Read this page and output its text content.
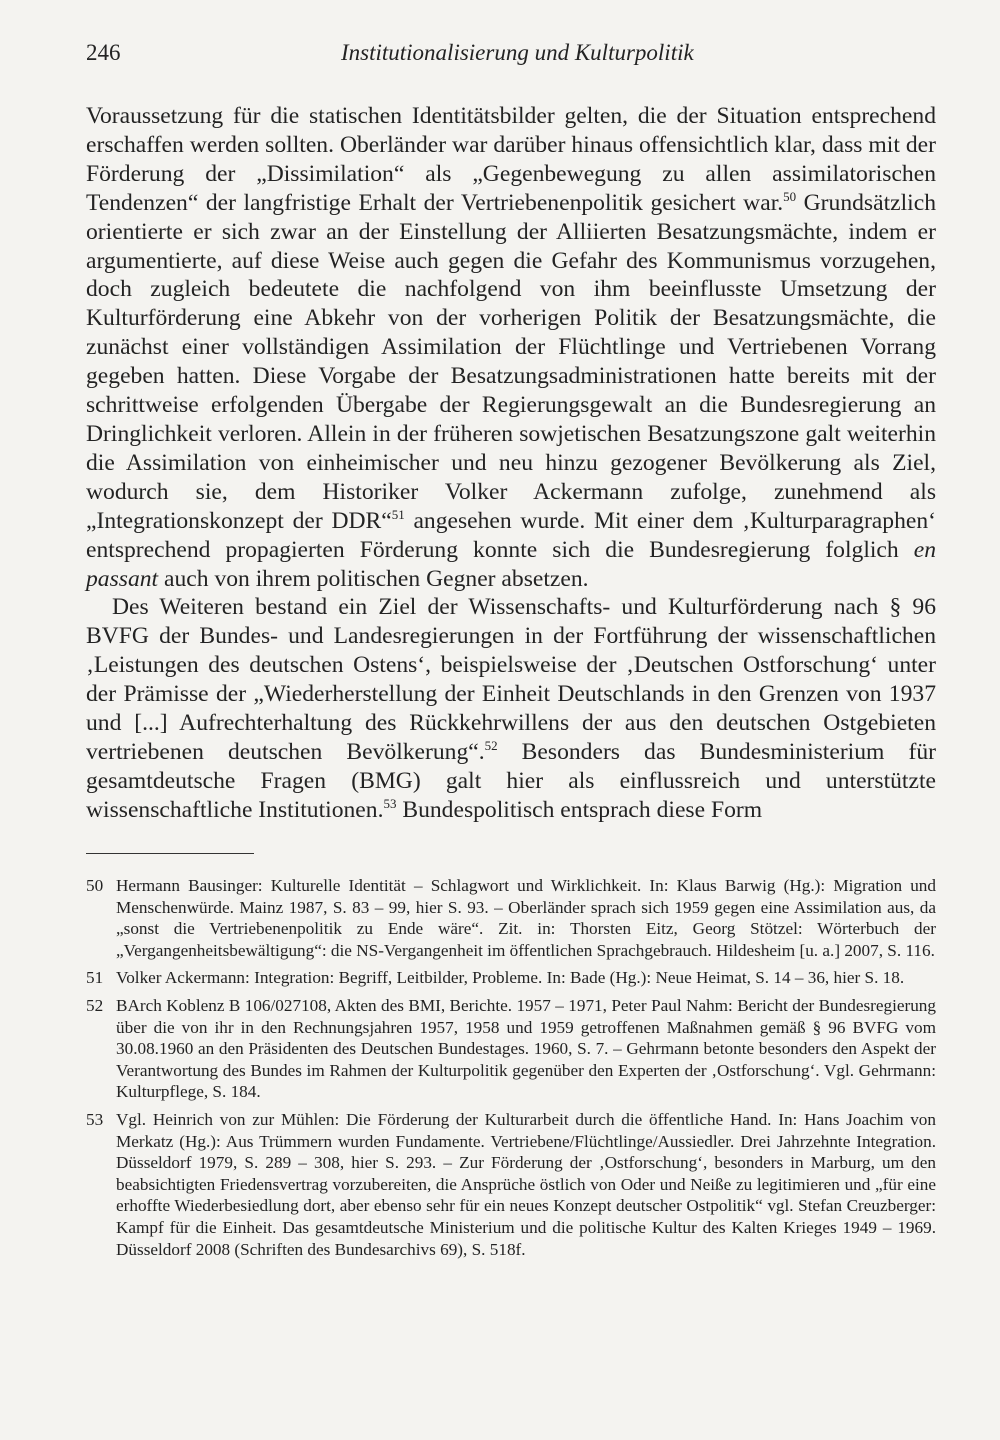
246	Institutionalisierung und Kulturpolitik

Voraussetzung für die statischen Identitätsbilder gelten, die der Situation entsprechend erschaffen werden sollten. Oberländer war darüber hinaus offensichtlich klar, dass mit der Förderung der „Dissimilation“ als „Gegenbewegung zu allen assimilatorischen Tendenzen“ der langfristige Erhalt der Vertriebenenpolitik gesichert war.$^{50}$ Grundsätzlich orientierte er sich zwar an der Einstellung der Alliierten Besatzungsmächte, indem er argumentierte, auf diese Weise auch gegen die Gefahr des Kommunismus vorzugehen, doch zugleich bedeutete die nachfolgend von ihm beeinflusste Umsetzung der Kulturförderung eine Abkehr von der vorherigen Politik der Besatzungsmächte, die zunächst einer vollständigen Assimilation der Flüchtlinge und Vertriebenen Vorrang gegeben hatten. Diese Vorgabe der Besatzungsadministrationen hatte bereits mit der schrittweise erfolgenden Übergabe der Regierungsgewalt an die Bundesregierung an Dringlichkeit verloren. Allein in der früheren sowjetischen Besatzungszone galt weiterhin die Assimilation von einheimischer und neu hinzu gezogener Bevölkerung als Ziel, wodurch sie, dem Historiker Volker Ackermann zufolge, zunehmend als „Integrationskonzept der DDR“$^{51}$ angesehen wurde. Mit einer dem ‚Kulturparagraphen‘ entsprechend propagierten Förderung konnte sich die Bundesregierung folglich en passant auch von ihrem politischen Gegner absetzen.

Des Weiteren bestand ein Ziel der Wissenschafts- und Kulturförderung nach § 96 BVFG der Bundes- und Landesregierungen in der Fortführung der wissenschaftlichen ‚Leistungen des deutschen Ostens‘, beispielsweise der ‚Deutschen Ostforschung‘ unter der Prämisse der „Wiederherstellung der Einheit Deutschlands in den Grenzen von 1937 und [...] Aufrechterhaltung des Rückkehrwillens der aus den deutschen Ostgebieten vertriebenen deutschen Bevölkerung“.$^{52}$ Besonders das Bundesministerium für gesamtdeutsche Fragen (BMG) galt hier als einflussreich und unterstützte wissenschaftliche Institutionen.$^{53}$ Bundespolitisch entsprach diese Form

50 Hermann Bausinger: Kulturelle Identität – Schlagwort und Wirklichkeit. In: Klaus Barwig (Hg.): Migration und Menschenwürde. Mainz 1987, S. 83 – 99, hier S. 93. – Oberländer sprach sich 1959 gegen eine Assimilation aus, da „sonst die Vertriebenenpolitik zu Ende wäre“. Zit. in: Thorsten Eitz, Georg Stötzel: Wörterbuch der „Vergangenheitsbewältigung“: die NS-Vergangenheit im öffentlichen Sprachgebrauch. Hildesheim [u. a.] 2007, S. 116.
51 Volker Ackermann: Integration: Begriff, Leitbilder, Probleme. In: Bade (Hg.): Neue Heimat, S. 14 – 36, hier S. 18.
52 BArch Koblenz B 106/027108, Akten des BMI, Berichte. 1957 – 1971, Peter Paul Nahm: Bericht der Bundesregierung über die von ihr in den Rechnungsjahren 1957, 1958 und 1959 getroffenen Maßnahmen gemäß § 96 BVFG vom 30.08.1960 an den Präsidenten des Deutschen Bundestages. 1960, S. 7. – Gehrmann betonte besonders den Aspekt der Verantwortung des Bundes im Rahmen der Kulturpolitik gegenüber den Experten der ‚Ostforschung‘. Vgl. Gehrmann: Kulturpflege, S. 184.
53 Vgl. Heinrich von zur Mühlen: Die Förderung der Kulturarbeit durch die öffentliche Hand. In: Hans Joachim von Merkatz (Hg.): Aus Trümmern wurden Fundamente. Vertriebene/Flüchtlinge/Aussiedler. Drei Jahrzehnte Integration. Düsseldorf 1979, S. 289 – 308, hier S. 293. – Zur Förderung der ‚Ostforschung‘, besonders in Marburg, um den beabsichtigten Friedensvertrag vorzubereiten, die Ansprüche östlich von Oder und Neiße zu legitimieren und „für eine erhoffte Wiederbesiedlung dort, aber ebenso sehr für ein neues Konzept deutscher Ostpolitik“ vgl. Stefan Creuzberger: Kampf für die Einheit. Das gesamtdeutsche Ministerium und die politische Kultur des Kalten Krieges 1949 – 1969. Düsseldorf 2008 (Schriften des Bundesarchivs 69), S. 518f.
